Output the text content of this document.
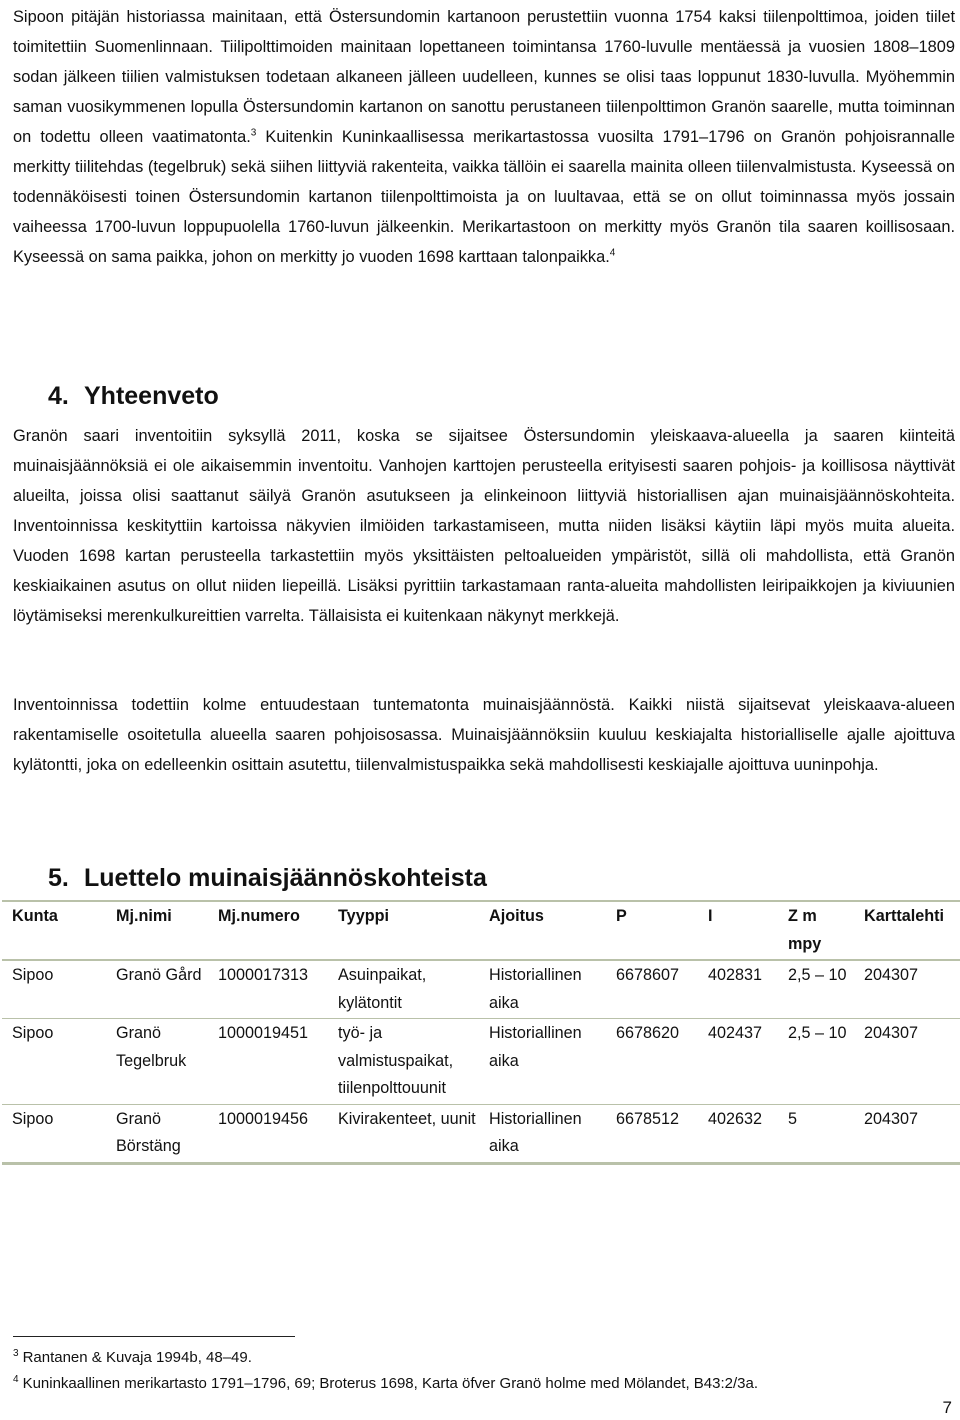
Sipoon pitäjän historiassa mainitaan, että Östersundomin kartanoon perustettiin vuonna 1754 kaksi tiilenpolttimoa, joiden tiilet toimitettiin Suomenlinnaan. Tiilipolttimoiden mainitaan lopettaneen toimintansa 1760-luvulle mentäessä ja vuosien 1808–1809 sodan jälkeen tiilien valmistuksen todetaan alkaneen jälleen uudelleen, kunnes se olisi taas loppunut 1830-luvulla. Myöhemmin saman vuosikymmenen lopulla Östersundomin kartanon on sanottu perustaneen tiilenpolttimon Granön saarelle, mutta toiminnan on todettu olleen vaatimatonta.$^3$ Kuitenkin Kuninkaallisessa merikartastossa vuosilta 1791–1796 on Granön pohjoisrannalle merkitty tiilitehdas (tegelbruk) sekä siihen liittyviä rakenteita, vaikka tällöin ei saarella mainita olleen tiilenvalmistusta. Kyseessä on todennäköisesti toinen Östersundomin kartanon tiilenpolttimoista ja on luultavaa, että se on ollut toiminnassa myös jossain vaiheessa 1700-luvun loppupuolella 1760-luvun jälkeenkin. Merikartastoon on merkitty myös Granön tila saaren koillisosaan. Kyseessä on sama paikka, johon on merkitty jo vuoden 1698 karttaan talonpaikka.$^4$

4. Yhteenveto

Granön saari inventoitiin syksyllä 2011, koska se sijaitsee Östersundomin yleiskaava-alueella ja saaren kiinteitä muinaisjäännöksiä ei ole aikaisemmin inventoitu. Vanhojen karttojen perusteella erityisesti saaren pohjois- ja koillisosa näyttivät alueilta, joissa olisi saattanut säilyä Granön asutukseen ja elinkeinoon liittyviä historiallisen ajan muinaisjäännöskohteita. Inventoinnissa keskityttiin kartoissa näkyvien ilmiöiden tarkastamiseen, mutta niiden lisäksi käytiin läpi myös muita alueita. Vuoden 1698 kartan perusteella tarkastettiin myös yksittäisten peltoalueiden ympäristöt, sillä oli mahdollista, että Granön keskiaikainen asutus on ollut niiden liepeillä. Lisäksi pyrittiin tarkastamaan ranta-alueita mahdollisten leiripaikkojen ja kiviuunien löytämiseksi merenkulkureittien varrelta. Tällaisista ei kuitenkaan näkynyt merkkejä.

Inventoinnissa todettiin kolme entuudestaan tuntematonta muinaisjäännöstä. Kaikki niistä sijaitsevat yleiskaava-alueen rakentamiselle osoitetulla alueella saaren pohjoisosassa. Muinaisjäännöksiin kuuluu keskiajalta historialliselle ajalle ajoittuva kylätontti, joka on edelleenkin osittain asutettu, tiilenvalmistuspaikka sekä mahdollisesti keskiajalle ajoittuva uuninpohja.

5. Luettelo muinaisjäännöskohteista
Kunta	Mj.nimi	Mj.numero	Tyyppi	Ajoitus	P	I	Z m mpy	Karttalehti
Sipoo	Granö Gård	1000017313	Asuinpaikat, kylätontit	Historiallinen aika	6678607	402831	2,5 – 10	204307
Sipoo	Granö Tegelbruk	1000019451	työ- ja valmistuspaikat, tiilenpolttouunit	Historiallinen aika	6678620	402437	2,5 – 10	204307
Sipoo	Granö Börstäng	1000019456	Kivirakenteet, uunit	Historiallinen aika	6678512	402632	5	204307

$^3$ Rantanen & Kuvaja 1994b, 48–49.

$^4$ Kuninkaallinen merikartasto 1791–1796, 69; Broterus 1698, Karta öfver Granö holme med Mölandet, B43:2/3a.

7
